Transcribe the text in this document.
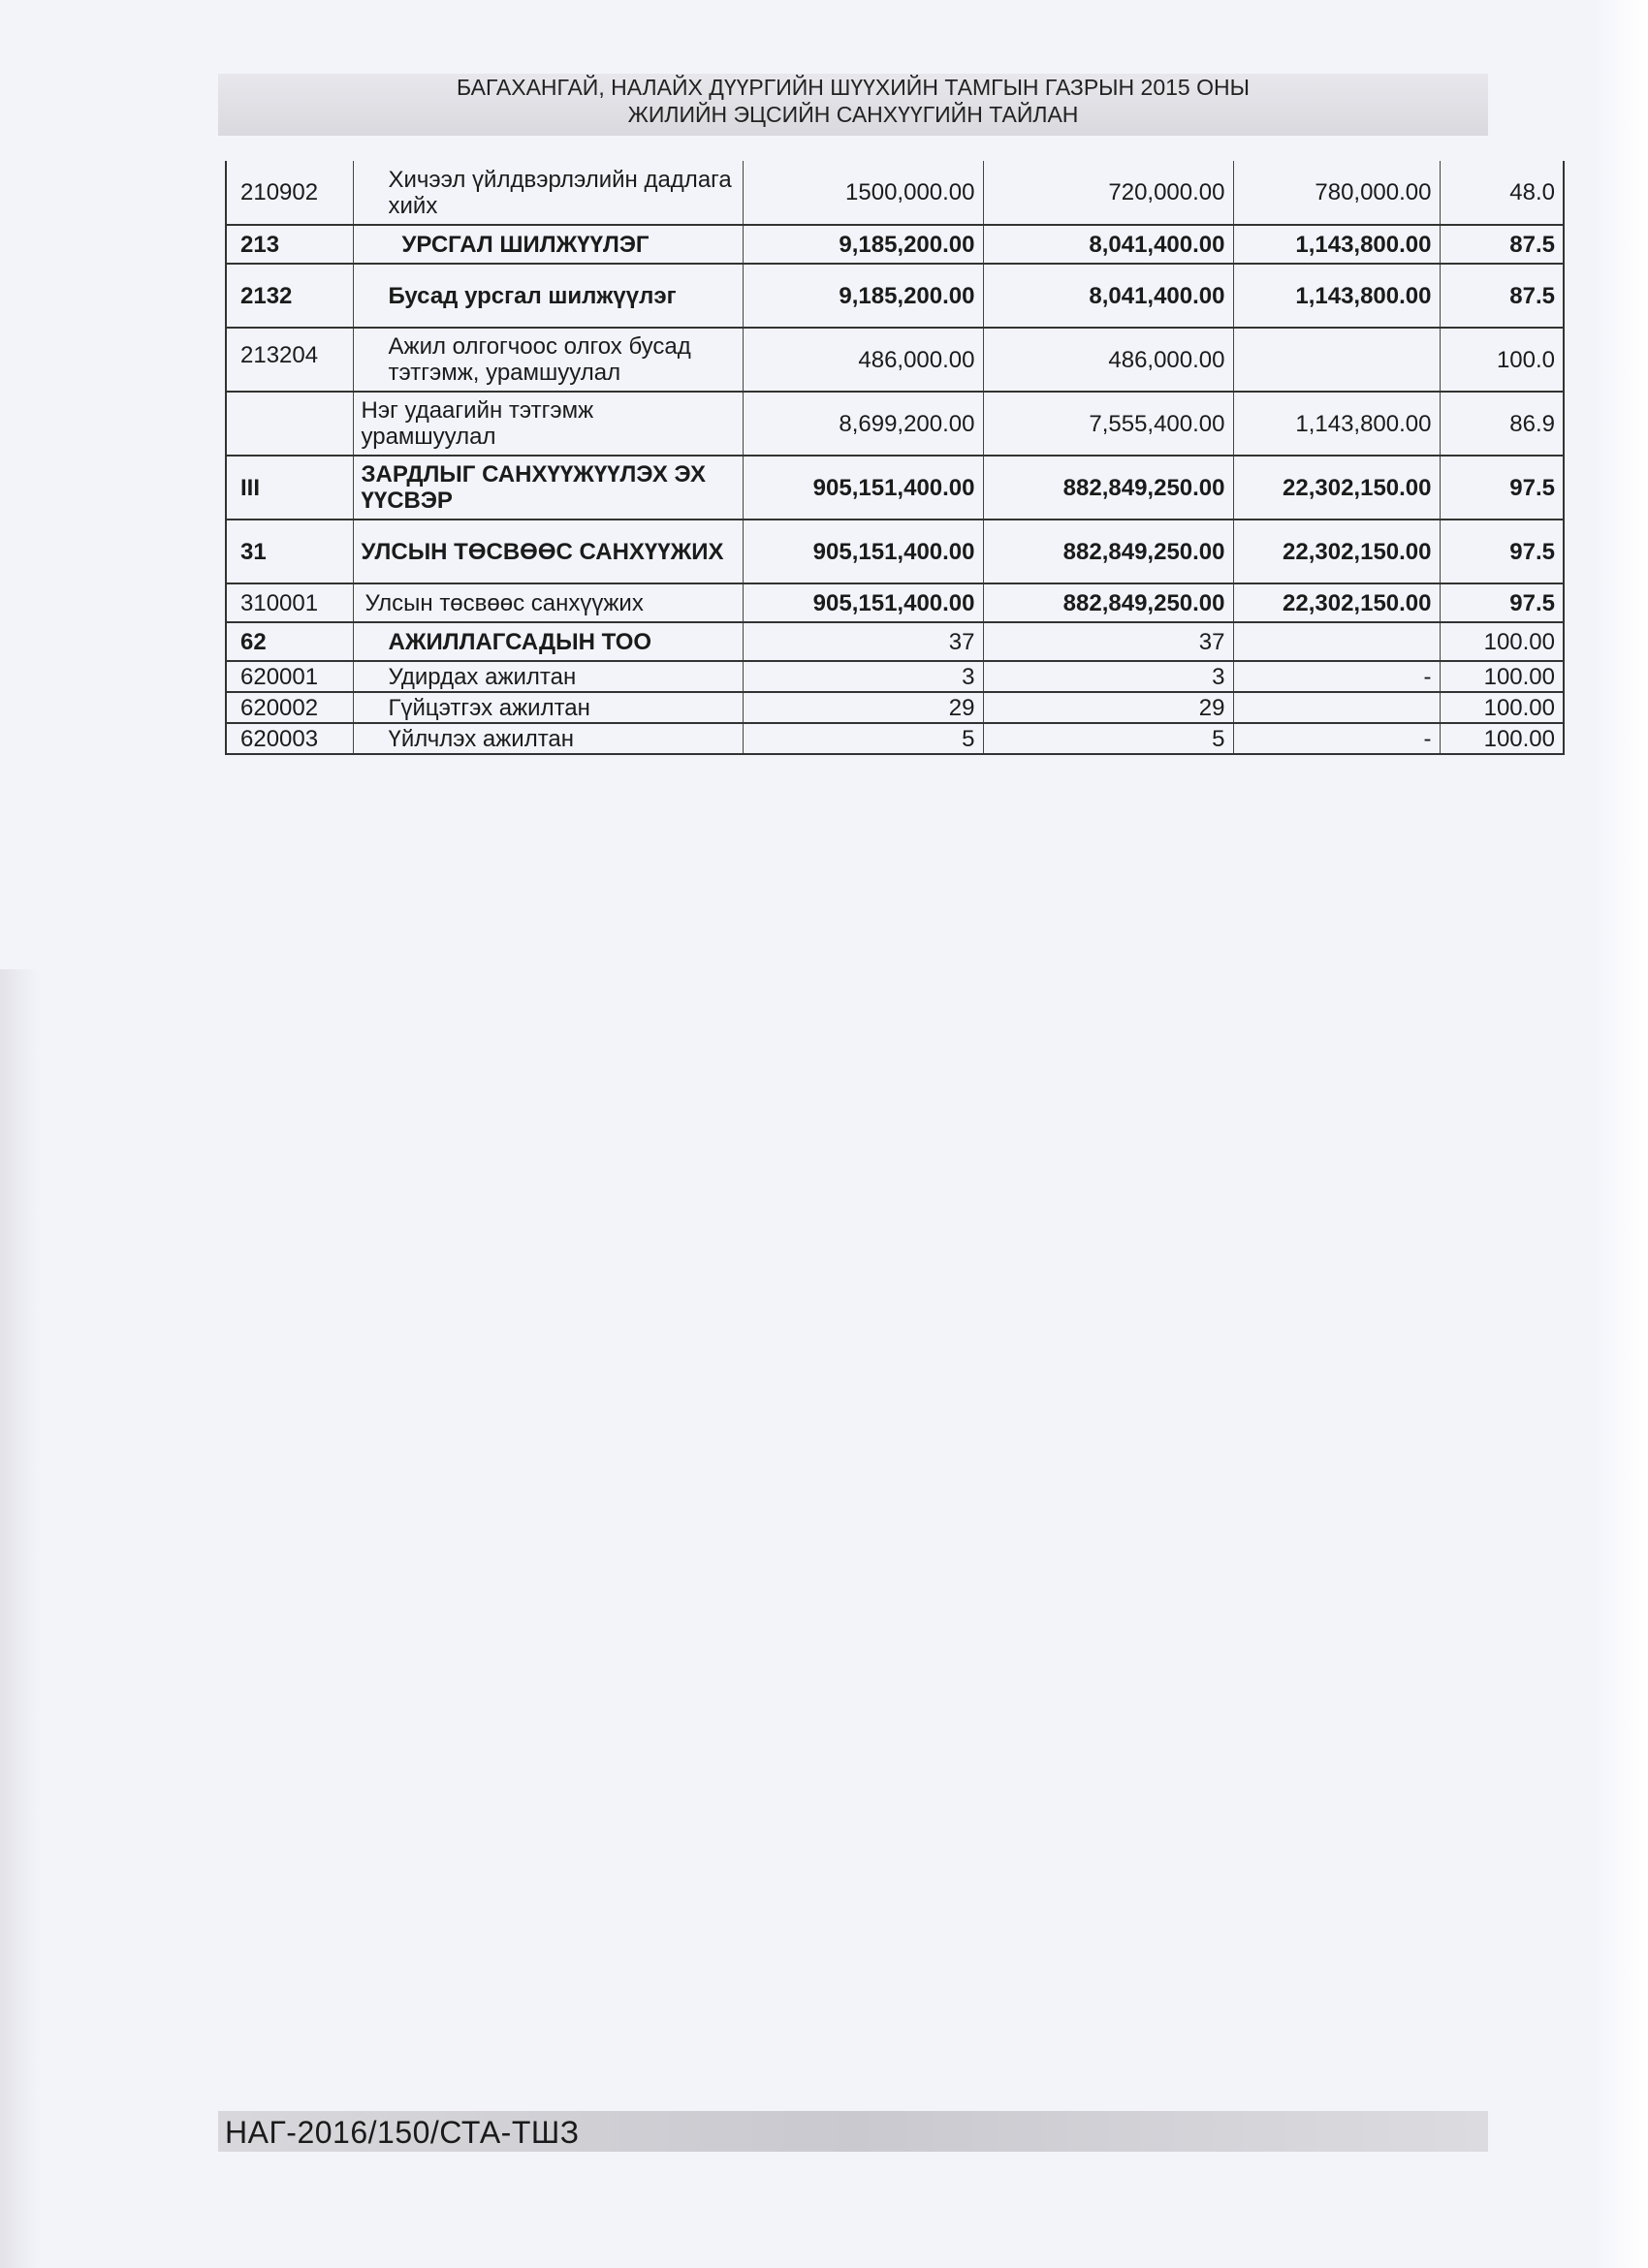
БАГАХАНГАЙ, НАЛАЙХ ДҮҮРГИЙН ШҮҮХИЙН ТАМГЫН ГАЗРЫН 2015 ОНЫ
ЖИЛИЙН ЭЦСИЙН САНХҮҮГИЙН ТАЙЛАН
210902	Хичээл үйлдвэрлэлийн дадлага хийх	1500,000.00	720,000.00	780,000.00	48.0
213	УРСГАЛ ШИЛЖҮҮЛЭГ	9,185,200.00	8,041,400.00	1,143,800.00	87.5
2132	Бусад урсгал шилжүүлэг	9,185,200.00	8,041,400.00	1,143,800.00	87.5
213204	Ажил олгогчоос олгох бусад тэтгэмж, урамшуулал	486,000.00	486,000.00		100.0
	Нэг удаагийн тэтгэмж урамшуулал	8,699,200.00	7,555,400.00	1,143,800.00	86.9
III	ЗАРДЛЫГ САНХҮҮЖҮҮЛЭХ ЭХ ҮҮСВЭР	905,151,400.00	882,849,250.00	22,302,150.00	97.5
31	УЛСЫН ТӨСВӨӨС САНХҮҮЖИХ	905,151,400.00	882,849,250.00	22,302,150.00	97.5
310001	Улсын төсвөөс санхүүжих	905,151,400.00	882,849,250.00	22,302,150.00	97.5
62	АЖИЛЛАГСАДЫН ТОО	37	37		100.00
620001	Удирдах ажилтан	3	3	-	100.00
620002	Гүйцэтгэх ажилтан	29	29		100.00
620003	Үйлчлэх ажилтан	5	5	-	100.00
НАГ-2016/150/СТА-ТШЗ
